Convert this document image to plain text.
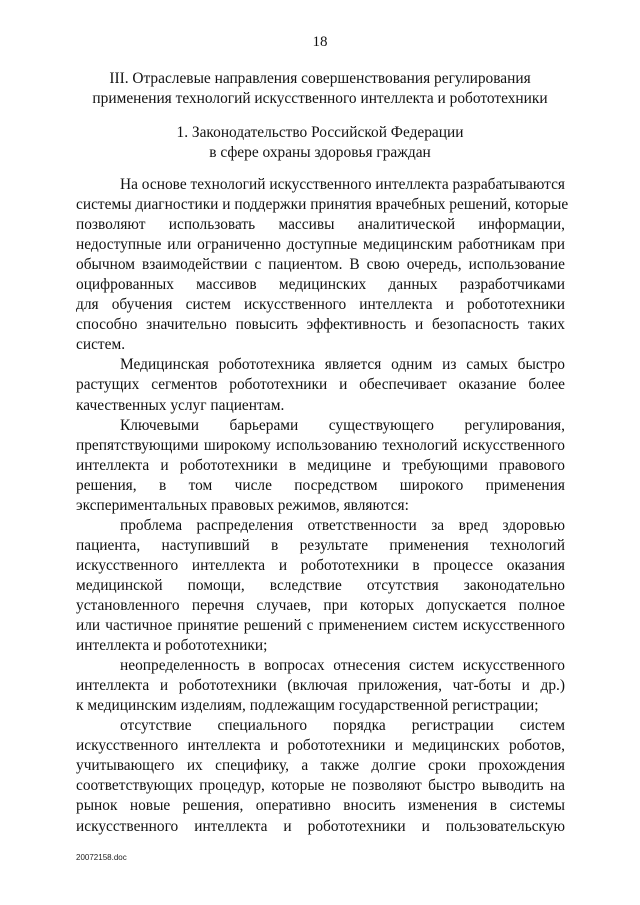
18
III. Отраслевые направления совершенствования регулирования
применения технологий искусственного интеллекта и робототехники
1. Законодательство Российской Федерации
в сфере охраны здоровья граждан
На основе технологий искусственного интеллекта разрабатываются
системы диагностики и поддержки принятия врачебных решений, которые
позволяют использовать массивы аналитической информации,
недоступные или ограниченно доступные медицинским работникам при
обычном взаимодействии с пациентом. В свою очередь, использование
оцифрованных массивов медицинских данных разработчиками
для обучения систем искусственного интеллекта и робототехники
способно значительно повысить эффективность и безопасность таких
систем.
Медицинская робототехника является одним из самых быстро
растущих сегментов робототехники и обеспечивает оказание более
качественных услуг пациентам.
Ключевыми барьерами существующего регулирования,
препятствующими широкому использованию технологий искусственного
интеллекта и робототехники в медицине и требующими правового
решения, в том числе посредством широкого применения
экспериментальных правовых режимов, являются:
проблема распределения ответственности за вред здоровью
пациента, наступивший в результате применения технологий
искусственного интеллекта и робототехники в процессе оказания
медицинской помощи, вследствие отсутствия законодательно
установленного перечня случаев, при которых допускается полное
или частичное принятие решений с применением систем искусственного
интеллекта и робототехники;
неопределенность в вопросах отнесения систем искусственного
интеллекта и робототехники (включая приложения, чат-боты и др.)
к медицинским изделиям, подлежащим государственной регистрации;
отсутствие специального порядка регистрации систем
искусственного интеллекта и робототехники и медицинских роботов,
учитывающего их специфику, а также долгие сроки прохождения
соответствующих процедур, которые не позволяют быстро выводить на
рынок новые решения, оперативно вносить изменения в системы
искусственного интеллекта и робототехники и пользовательскую
20072158.doc
